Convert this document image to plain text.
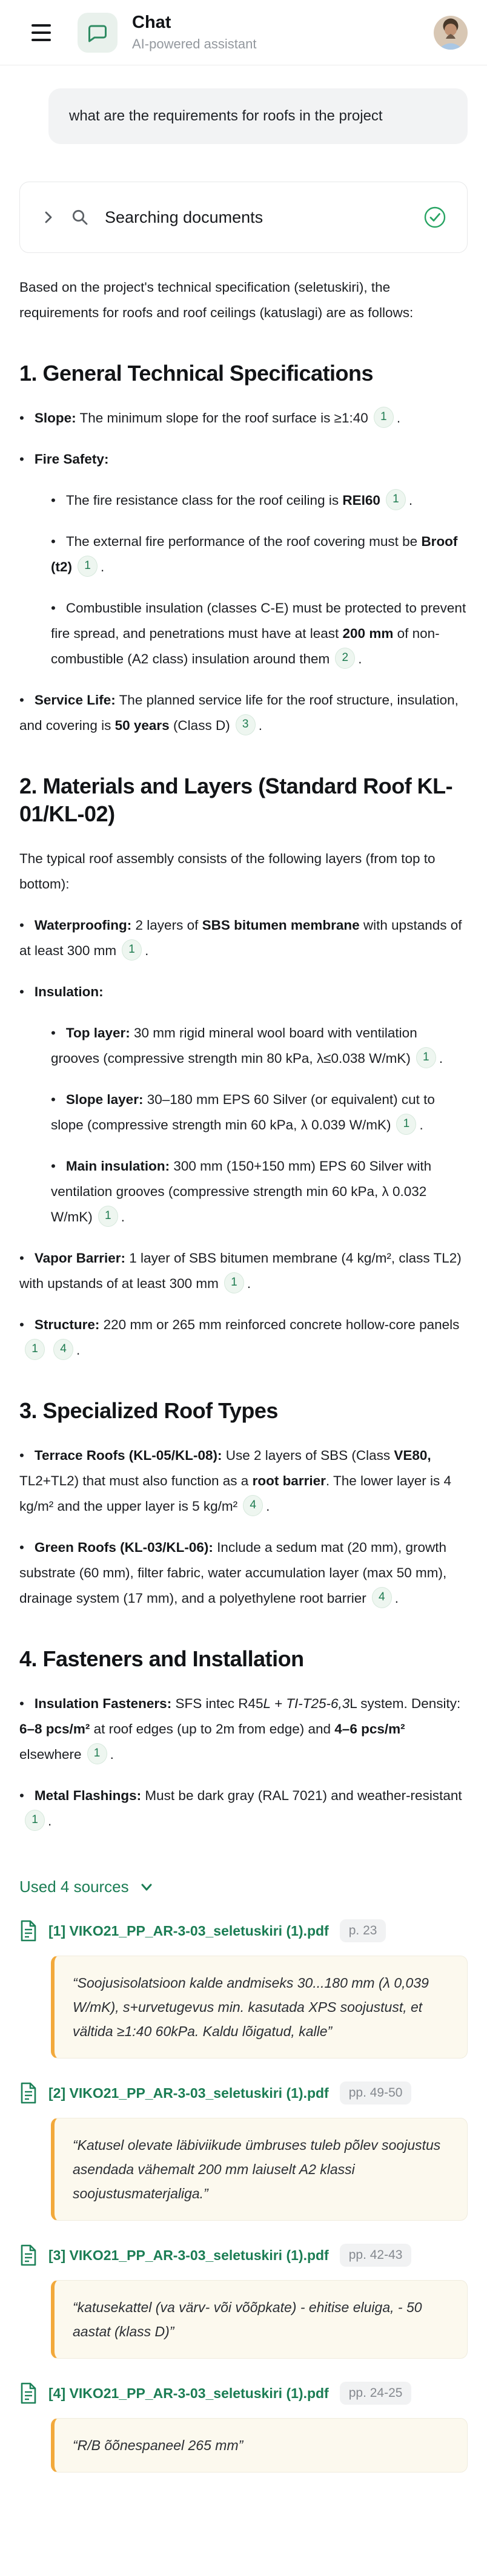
Chat
AI-powered assistant
what are the requirements for roofs in the project
Searching documents

Based on the project's technical specification (seletuskiri), the requirements for roofs and roof ceilings (katuslagi) are as follows:

1. General Technical Specifications

• Slope: The minimum slope for the roof surface is ≥1:40 1 .

• Fire Safety:

• The fire resistance class for the roof ceiling is REI60 1 .

• The external fire performance of the roof covering must be Broof (t2) 1 .

• Combustible insulation (classes C-E) must be protected to prevent fire spread, and penetrations must have at least 200 mm of non-combustible (A2 class) insulation around them 2 .

• Service Life: The planned service life for the roof structure, insulation, and covering is 50 years (Class D) 3 .

2. Materials and Layers (Standard Roof KL-01/KL-02)

The typical roof assembly consists of the following layers (from top to bottom):

• Waterproofing: 2 layers of SBS bitumen membrane with upstands of at least 300 mm 1 .

• Insulation:

• Top layer: 30 mm rigid mineral wool board with ventilation grooves (compressive strength min 80 kPa, λ≤0.038 W/mK) 1 .

• Slope layer: 30–180 mm EPS 60 Silver (or equivalent) cut to slope (compressive strength min 60 kPa, λ 0.039 W/mK) 1 .

• Main insulation: 300 mm (150+150 mm) EPS 60 Silver with ventilation grooves (compressive strength min 60 kPa, λ 0.032 W/mK) 1 .

• Vapor Barrier: 1 layer of SBS bitumen membrane (4 kg/m², class TL2) with upstands of at least 300 mm 1 .

• Structure: 220 mm or 265 mm reinforced concrete hollow-core panels1 4 .

3. Specialized Roof Types

• Terrace Roofs (KL-05/KL-08): Use 2 layers of SBS (Class VE80, TL2+TL2) that must also function as a root barrier. The lower layer is 4 kg/m² and the upper layer is 5 kg/m² 4 .

• Green Roofs (KL-03/KL-06): Include a sedum mat (20 mm), growth substrate (60 mm), filter fabric, water accumulation layer (max 50 mm), drainage system (17 mm), and a polyethylene root barrier 4 .

4. Fasteners and Installation

• Insulation Fasteners: SFS intec R45L + TI-T25-6,3L system. Density: 6–8 pcs/m² at roof edges (up to 2m from edge) and 4–6 pcs/m² elsewhere 1 .

• Metal Flashings: Must be dark gray (RAL 7021) and weather-resistant1 .

Used 4 sources
[1] VIKO21_PP_AR-3-03_seletuskiri (1).pdf	p. 23
“Soojusisolatsioon kalde andmiseks 30...180 mm (λ 0,039 W/mK), s+urvetugevus min. kasutada XPS soojustust, et vältida ≥1:40 60kPa. Kaldu lõigatud, kalle”
[2] VIKO21_PP_AR-3-03_seletuskiri (1).pdf	pp. 49-50
“Katusel olevate läbiviikude ümbruses tuleb põlev soojustus asendada vähemalt 200 mm laiuselt A2 klassi soojustusmaterjaliga.”
[3] VIKO21_PP_AR-3-03_seletuskiri (1).pdf	pp. 42-43
“katusekattel (va värv- või võõpkate) - ehitise eluiga, - 50 aastat (klass D)”
[4] VIKO21_PP_AR-3-03_seletuskiri (1).pdf	pp. 24-25
“R/B õõnespaneel 265 mm”
